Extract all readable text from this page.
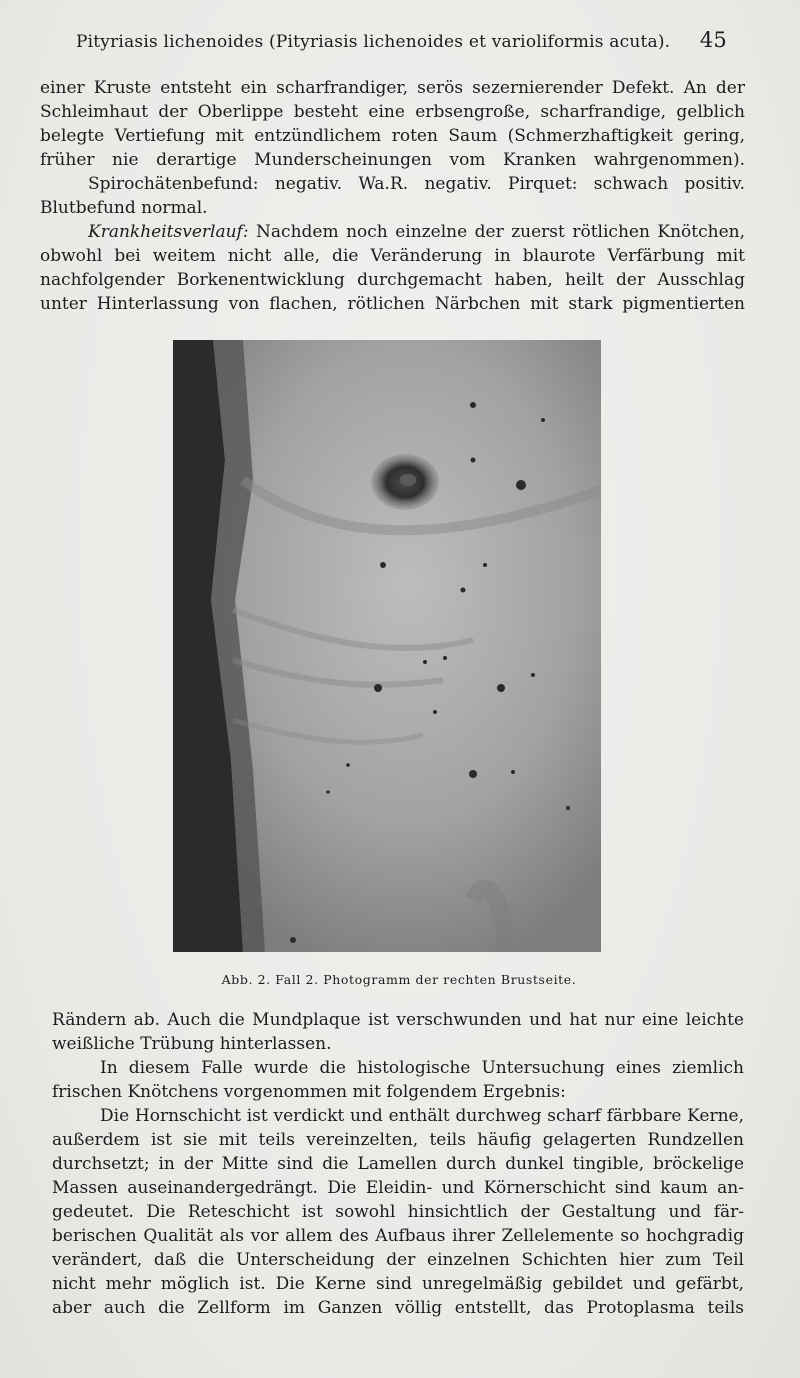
Pityriasis lichenoides (Pityriasis lichenoides et varioliformis acuta). 45
einer Kruste entsteht ein scharfrandiger, serös sezernierender Defekt. An der
Schleimhaut der Oberlippe besteht eine erbsengroße, scharfrandige, gelblich
belegte Vertiefung mit entzündlichem roten Saum (Schmerzhaftigkeit gering,
früher nie derartige Munderscheinungen vom Kranken wahrgenommen).
Spirochätenbefund: negativ. Wa.R. negativ. Pirquet: schwach positiv.
Blutbefund normal.
Krankheitsverlauf: Nachdem noch einzelne der zuerst rötlichen Knötchen,
obwohl bei weitem nicht alle, die Veränderung in blaurote Verfärbung mit
nachfolgender Borkenentwicklung durchgemacht haben, heilt der Ausschlag
unter Hinterlassung von flachen, rötlichen Närbchen mit stark pigmentierten
Abb. 2. Fall 2. Photogramm der rechten Brustseite.
Rändern ab. Auch die Mundplaque ist verschwunden und hat nur eine leichte
weißliche Trübung hinterlassen.
In diesem Falle wurde die histologische Untersuchung eines ziemlich
frischen Knötchens vorgenommen mit folgendem Ergebnis:
Die Hornschicht ist verdickt und enthält durchweg scharf färbbare Kerne,
außerdem ist sie mit teils vereinzelten, teils häufig gelagerten Rundzellen
durchsetzt; in der Mitte sind die Lamellen durch dunkel tingible, bröckelige
Massen auseinandergedrängt. Die Eleidin- und Körnerschicht sind kaum an-
gedeutet. Die Reteschicht ist sowohl hinsichtlich der Gestaltung und fär-
berischen Qualität als vor allem des Aufbaus ihrer Zellelemente so hochgradig
verändert, daß die Unterscheidung der einzelnen Schichten hier zum Teil
nicht mehr möglich ist. Die Kerne sind unregelmäßig gebildet und gefärbt,
aber auch die Zellform im Ganzen völlig entstellt, das Protoplasma teils
